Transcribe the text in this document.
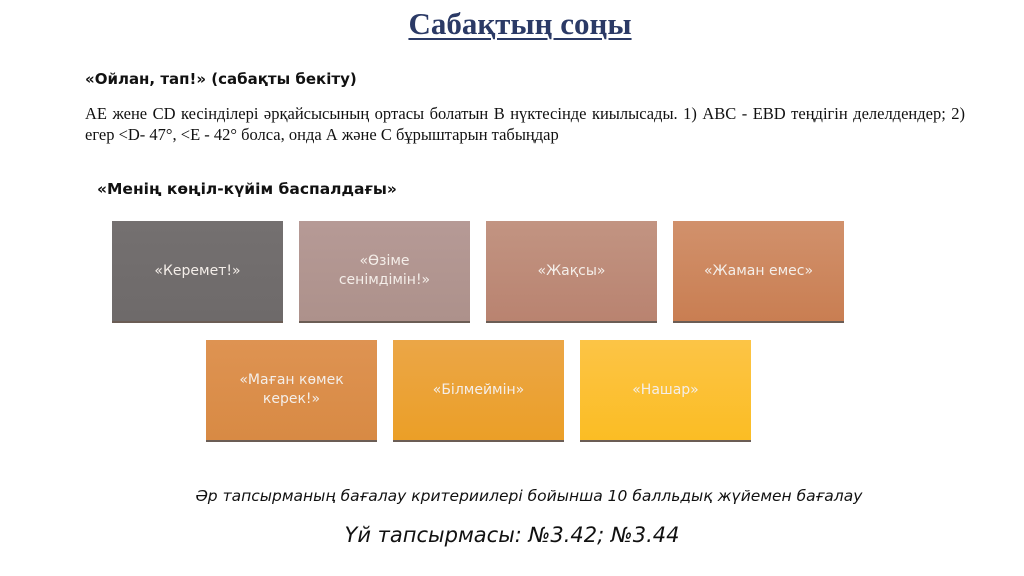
Сабақтың соңы
«Ойлан, тап!» (сабақты бекіту)
AE жене CD кесінділері әрқайсысының ортасы болатын В нүктесінде киылысады. 1) АВС - ЕВD теңдігін делелдендер; 2) егер <D- 47°, <E - 42° болса, онда А және С бұрыштарын табыңдар
«Менің көңіл-күйім баспалдағы»
«Керемет!»
«Өзіме сенімдімін!»
«Жақсы»	«Жаман емес»
«Маған көмек керек!»
«Білмеймін»	«Нашар»
Әр тапсырманың бағалау критериилері бойынша 10 балльдық жүйемен бағалау
Үй тапсырмасы: №3.42; №3.44
